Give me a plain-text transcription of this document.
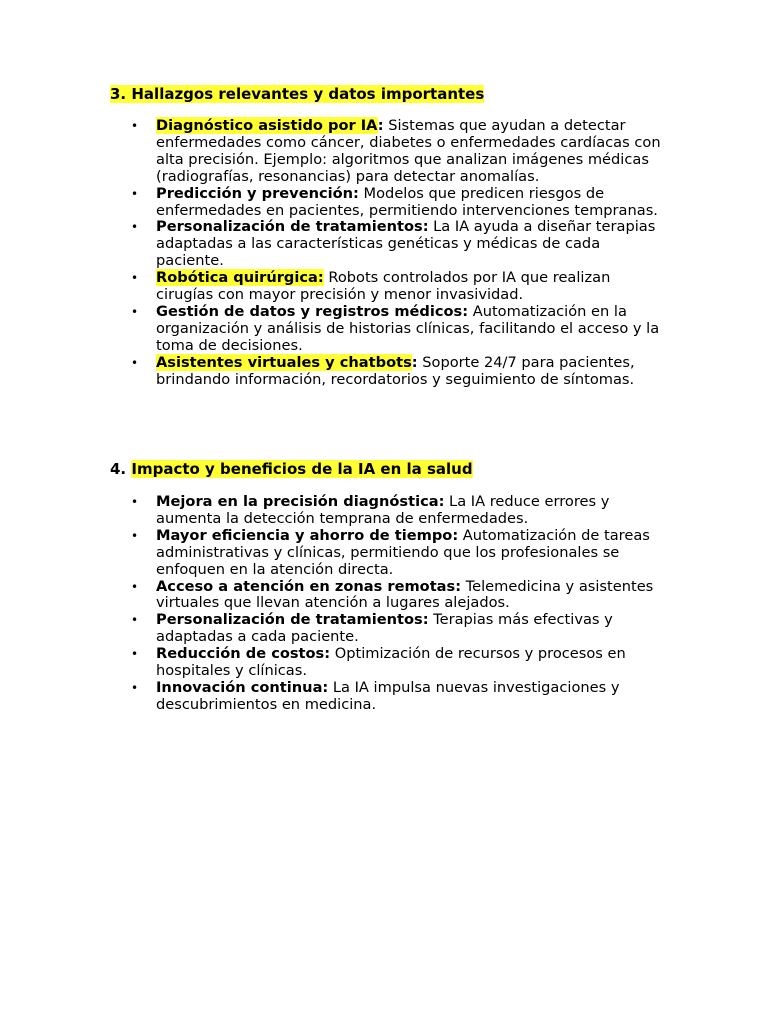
3. Hallazgos relevantes y datos importantes
• Diagnóstico asistido por IA: Sistemas que ayudan a detectar enfermedades como cáncer, diabetes o enfermedades cardíacas con alta precisión. Ejemplo: algoritmos que analizan imágenes médicas (radiografías, resonancias) para detectar anomalías.
• Predicción y prevención: Modelos que predicen riesgos de enfermedades en pacientes, permitiendo intervenciones tempranas.
• Personalización de tratamientos: La IA ayuda a diseñar terapias adaptadas a las características genéticas y médicas de cada paciente.
• Robótica quirúrgica: Robots controlados por IA que realizan cirugías con mayor precisión y menor invasividad.
• Gestión de datos y registros médicos: Automatización en la organización y análisis de historias clínicas, facilitando el acceso y la toma de decisiones.
• Asistentes virtuales y chatbots: Soporte 24/7 para pacientes, brindando información, recordatorios y seguimiento de síntomas.
4. Impacto y beneficios de la IA en la salud
• Mejora en la precisión diagnóstica: La IA reduce errores y aumenta la detección temprana de enfermedades.
• Mayor eficiencia y ahorro de tiempo: Automatización de tareas administrativas y clínicas, permitiendo que los profesionales se enfoquen en la atención directa.
• Acceso a atención en zonas remotas: Telemedicina y asistentes virtuales que llevan atención a lugares alejados.
• Personalización de tratamientos: Terapias más efectivas y adaptadas a cada paciente.
• Reducción de costos: Optimización de recursos y procesos en hospitales y clínicas.
• Innovación continua: La IA impulsa nuevas investigaciones y descubrimientos en medicina.
